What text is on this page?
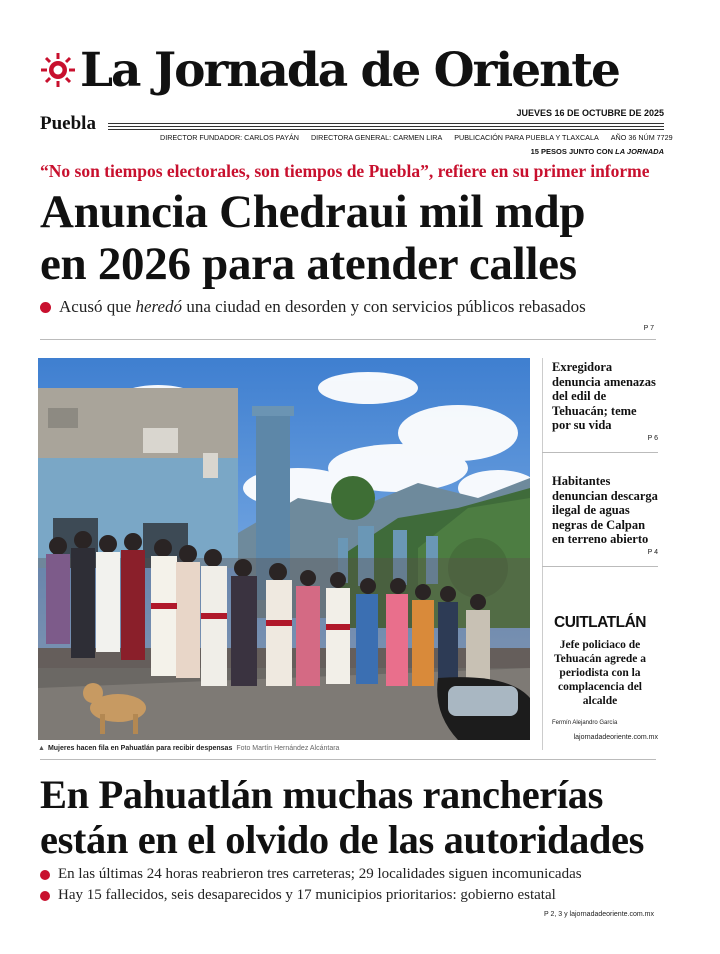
La Jornada de Oriente
Puebla	JUEVES 16 DE OCTUBRE DE 2025
DIRECTOR FUNDADOR: CARLOS PAYÁN DIRECTORA GENERAL: CARMEN LIRA PUBLICACIÓN PARA PUEBLA Y TLAXCALA AÑO 36 NÚM 7729
15 PESOS JUNTO CON LA JORNADA
“No son tiempos electorales, son tiempos de Puebla”, refiere en su primer informe
Anuncia Chedraui mil mdp
en 2026 para atender calles
Acusó que heredó una ciudad en desorden y con servicios públicos rebasados
P 7
▲ Mujeres hacen fila en Pahuatlán para recibir despensas Foto Martín Hernández Alcántara
Exregidora denuncia amenazas del edil de Tehuacán; teme por su vida
P 6
Habitantes denuncian descarga ilegal de aguas negras de Calpan en terreno abierto
P 4
CUITLATLÁN
Jefe policiaco de Tehuacán agrede a periodista con la complacencia del alcalde
Fermín Alejandro García
lajornadadeoriente.com.mx
En Pahuatlán muchas rancherías
están en el olvido de las autoridades
En las últimas 24 horas reabrieron tres carreteras; 29 localidades siguen incomunicadas
Hay 15 fallecidos, seis desaparecidos y 17 municipios prioritarios: gobierno estatal
P 2, 3 y lajornadadeoriente.com.mx
